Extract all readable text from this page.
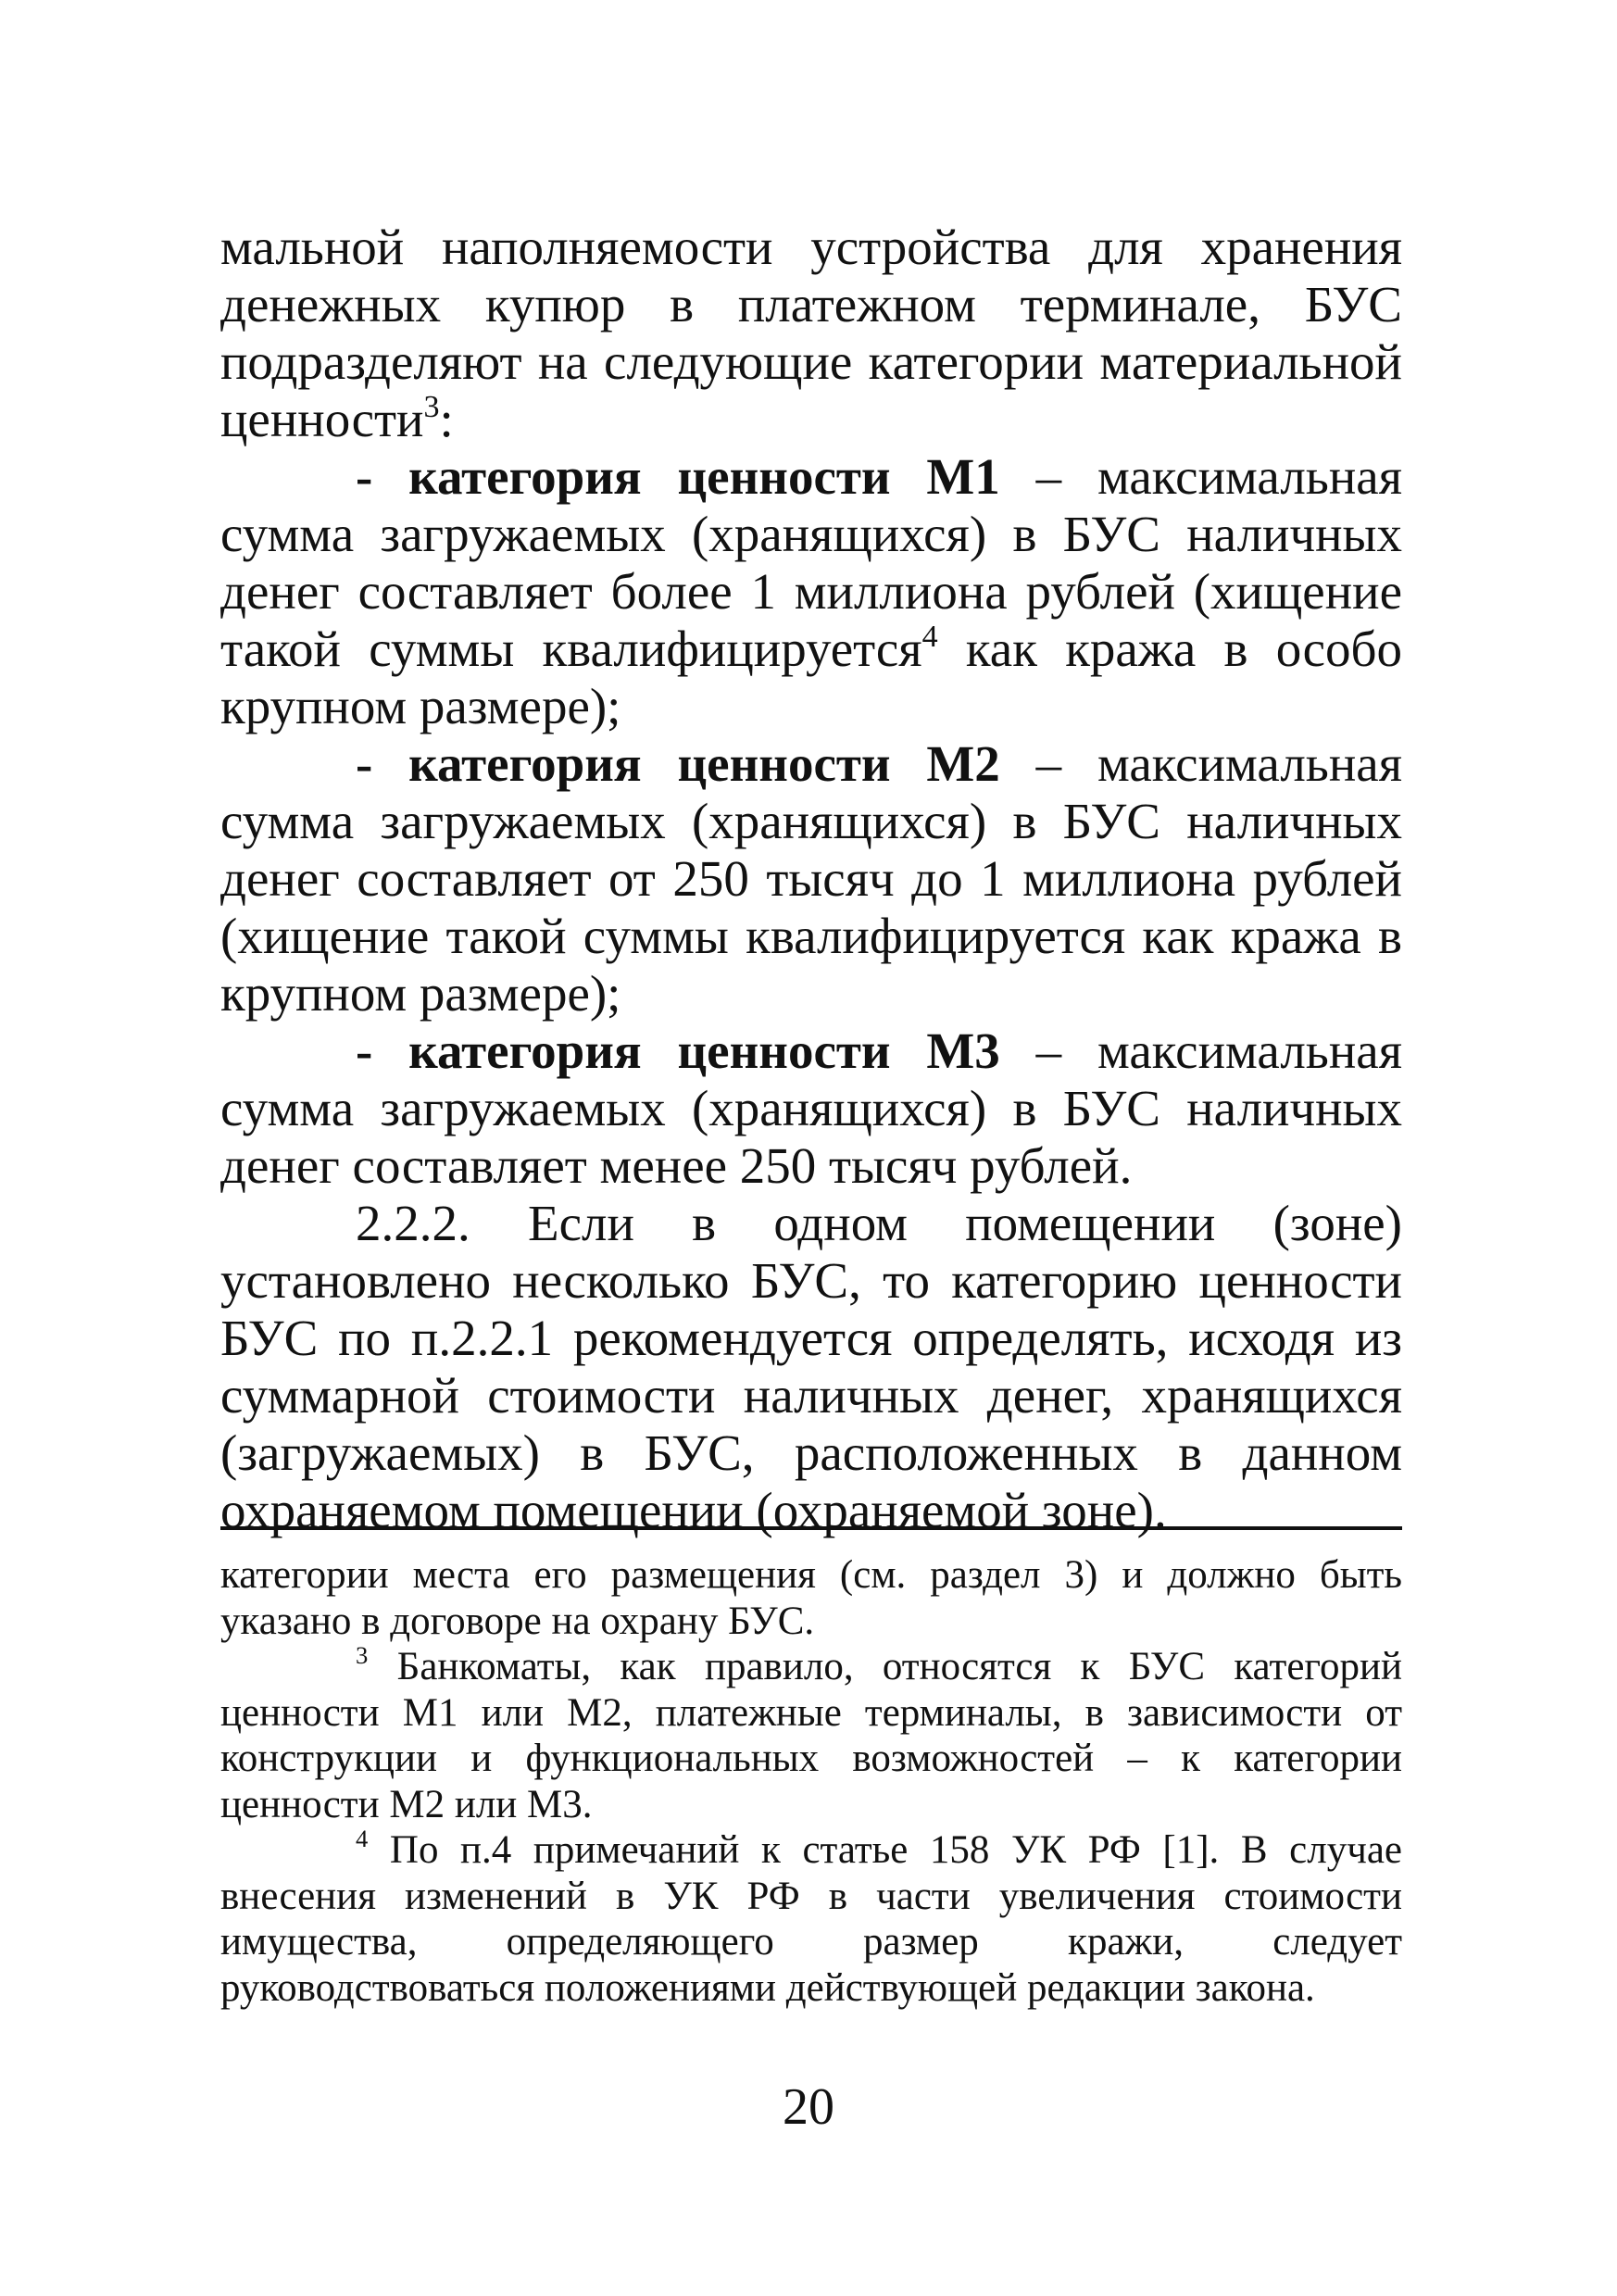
мальной наполняемости устройства для хранения денежных купюр в платежном терминале, БУС подразделяют на следующие категории материальной ценности$^3$:

- категория ценности М1 – максимальная сумма загружаемых (хранящихся) в БУС наличных денег составляет более 1 миллиона рублей (хищение такой суммы квалифицируется$^4$ как кража в особо крупном размере);

- категория ценности М2 – максимальная сумма загружаемых (хранящихся) в БУС наличных денег составляет от 250 тысяч до 1 миллиона рублей (хищение такой суммы квалифицируется как кража в крупном размере);

- категория ценности М3 – максимальная сумма загружаемых (хранящихся) в БУС наличных денег составляет менее 250 тысяч рублей.

2.2.2. Если в одном помещении (зоне) установлено несколько БУС, то категорию ценности БУС по п.2.2.1 рекомендуется определять, исходя из суммарной стоимости наличных денег, хранящихся (загружаемых) в БУС, расположенных в данном охраняемом помещении (охраняемой зоне).

категории места его размещения (см. раздел 3) и должно быть указано в договоре на охрану БУС.

$^3$ Банкоматы, как правило, относятся к БУС категорий ценности М1 или М2, платежные терминалы, в зависимости от конструкции и функциональных возможностей – к категории ценности М2 или М3.

$^4$ По п.4 примечаний к статье 158 УК РФ [1]. В случае внесения изменений в УК РФ в части увеличения стоимости имущества, определяющего размер кражи, следует руководствоваться положениями действующей редакции закона.

20
